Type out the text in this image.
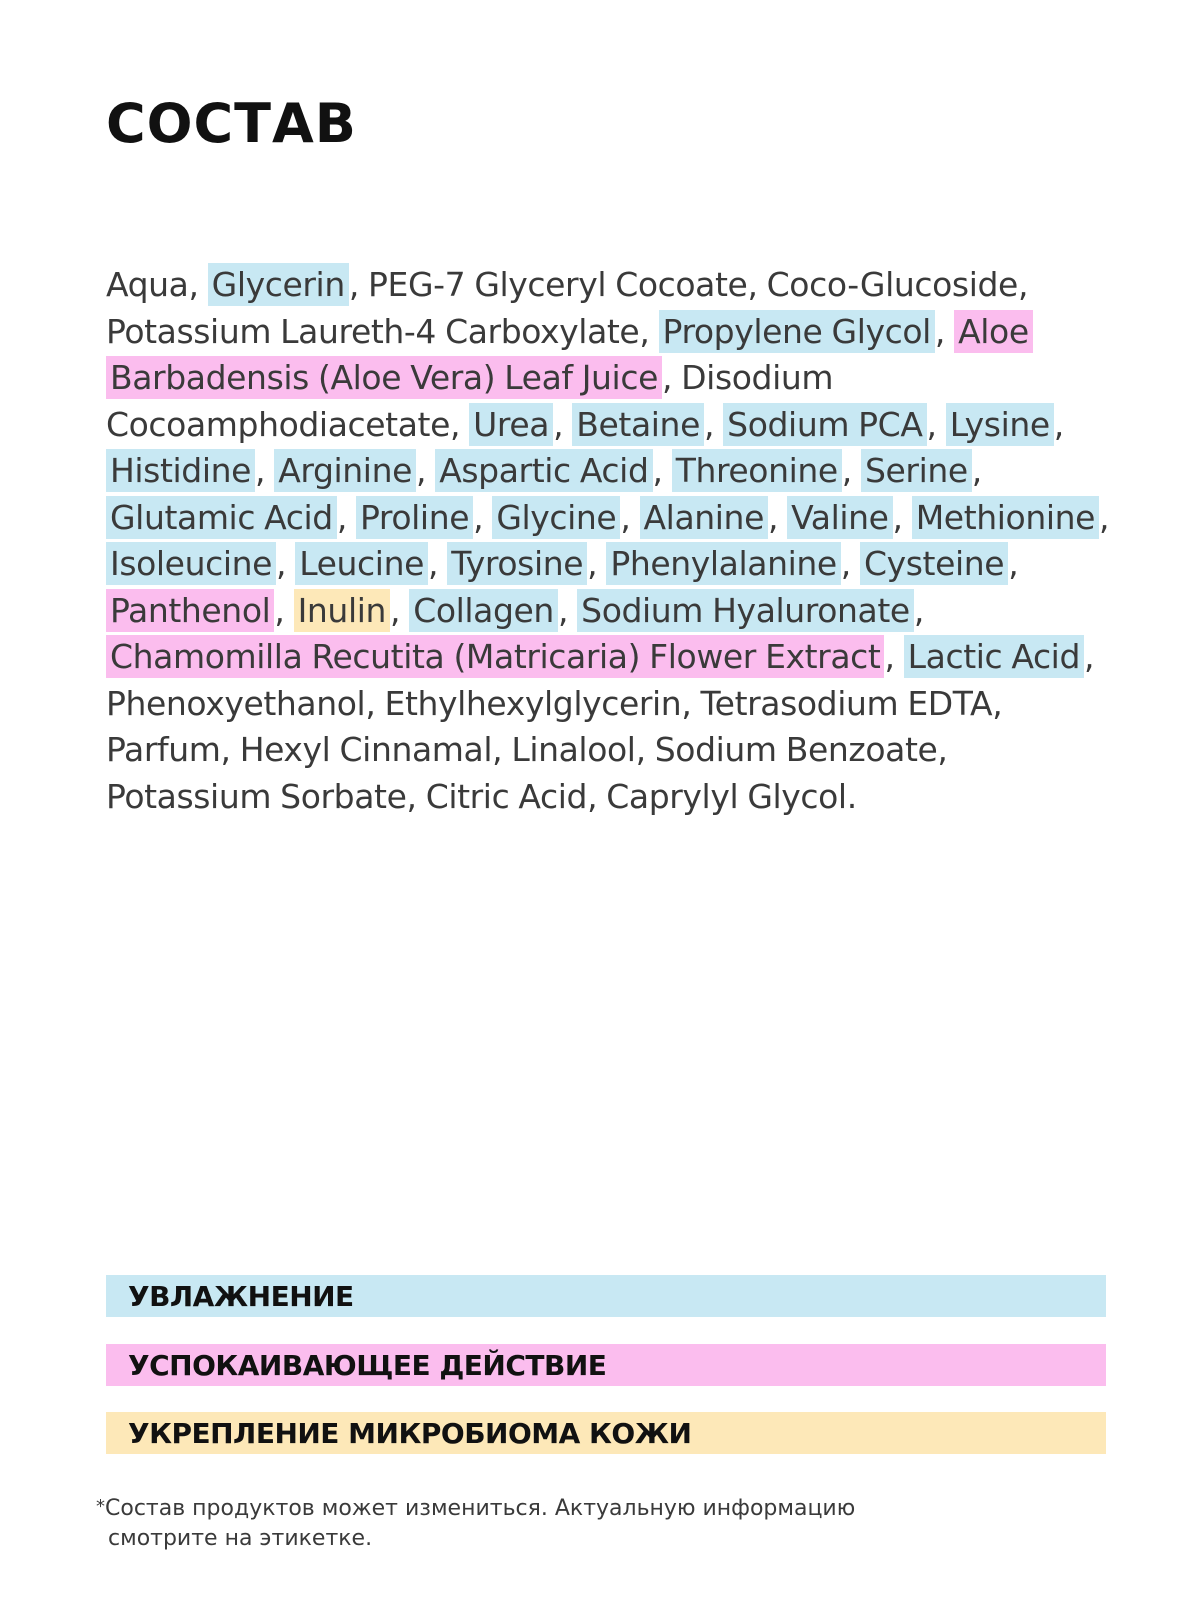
СОСТАВ

Aqua, Glycerin , PEG-7 Glyceryl Cocoate, Coco-Glucoside, Potassium Laureth-4 Carboxylate, Propylene Glycol , Aloe Barbadensis (Aloe Vera) Leaf Juice , Disodium Cocoamphodiacetate, Urea , Betaine , Sodium PCA , Lysine , Histidine , Arginine , Aspartic Acid , Threonine , Serine , Glutamic Acid , Proline , Glycine , Alanine , Valine , Methionine , Isoleucine , Leucine , Tyrosine , Phenylalanine , Cysteine , Panthenol , Inulin , Collagen , Sodium Hyaluronate , Chamomilla Recutita (Matricaria) Flower Extract , Lactic Acid , Phenoxyethanol, Ethylhexylglycerin, Tetrasodium EDTA, Parfum, Hexyl Cinnamal, Linalool, Sodium Benzoate, Potassium Sorbate, Citric Acid, Caprylyl Glycol.

УВЛАЖНЕНИЕ
УСПОКАИВАЮЩЕЕ ДЕЙСТВИЕ
УКРЕПЛЕНИЕ МИКРОБИОМА КОЖИ

*Состав продуктов может измениться. Актуальную информацию
смотрите на этикетке.
